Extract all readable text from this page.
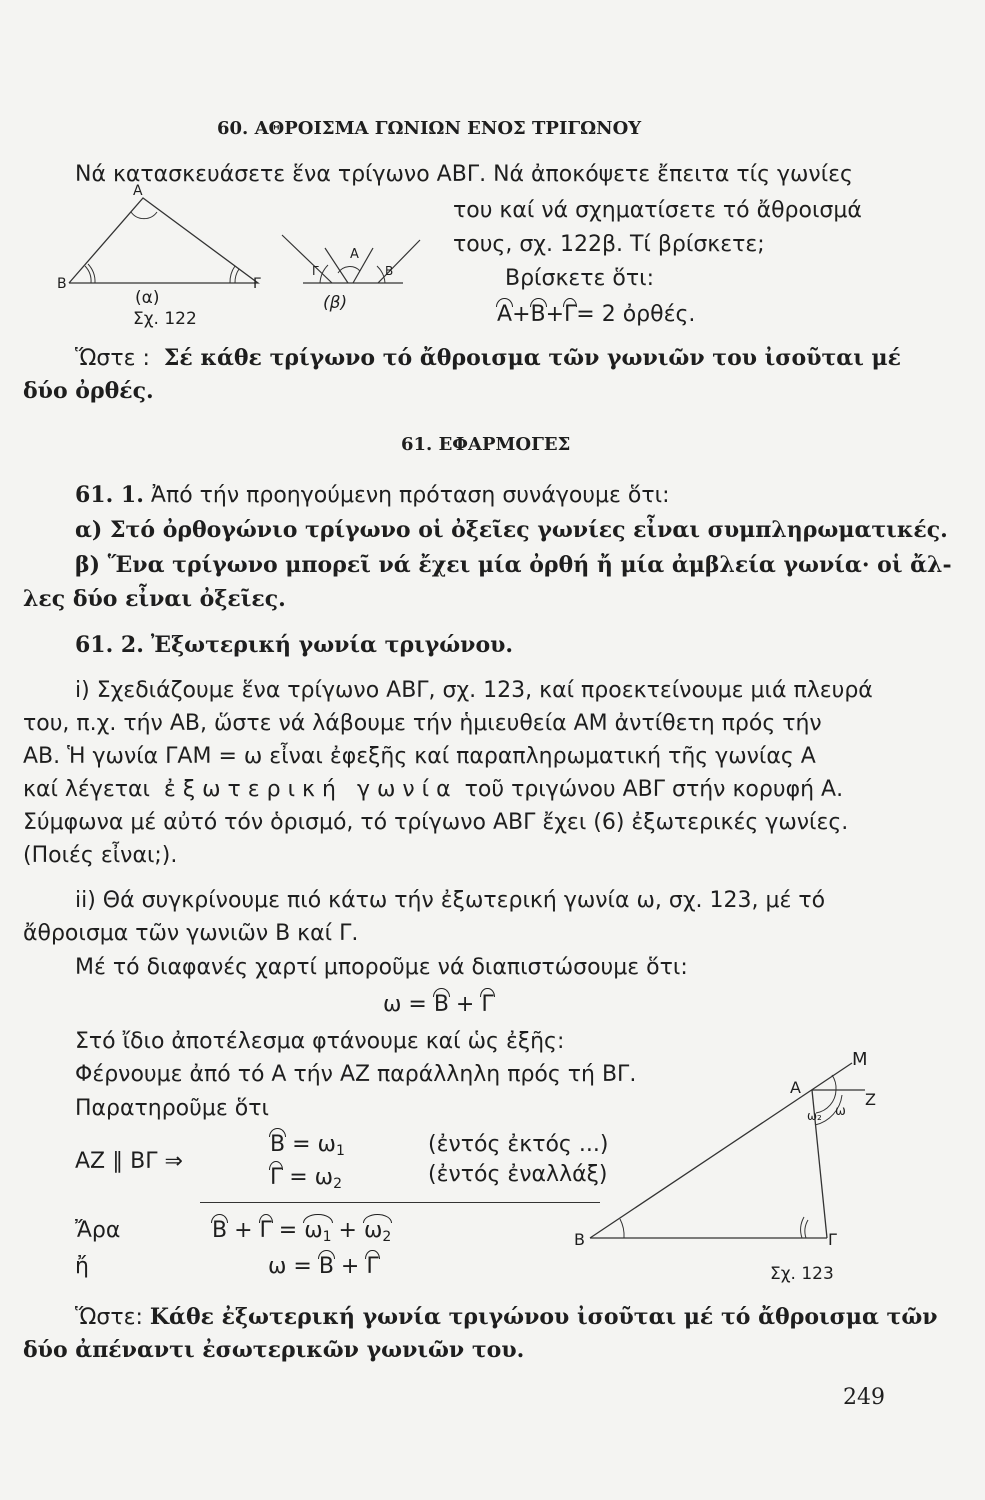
60. ΑΘΡΟΙΣΜΑ ΓΩΝΙΩΝ ΕΝΟΣ ΤΡΙΓΩΝΟΥ
Νά κατασκευάσετε ἕνα τρίγωνο ΑΒΓ. Νά ἀποκόψετε ἔπειτα τίς γωνίες
του καί νά σχηματίσετε τό ἄθροισμά
τους, σχ. 122β. Τί βρίσκετε;
Βρίσκετε ὅτι:
Α+Β+Γ= 2 ὀρθές.
A
B	Γ
A
Γ	B
(α)
Σχ. 122
(β)
Ὥστε : Σέ κάθε τρίγωνο τό ἄθροισμα τῶν γωνιῶν του ἰσοῦται μέ
δύο ὀρθές.
61. ΕΦΑΡΜΟΓΕΣ
61. 1. Ἀπό τήν προηγούμενη πρόταση συνάγουμε ὅτι:
α) Στό ὀρθογώνιο τρίγωνο οἱ ὀξεῖες γωνίες εἶναι συμπληρωματικές.
β) Ἕνα τρίγωνο μπορεῖ νά ἔχει μία ὀρθή ἤ μία ἀμβλεία γωνία· οἱ ἄλ-
λες δύο εἶναι ὀξεῖες.
61. 2. Ἐξωτερική γωνία τριγώνου.
i) Σχεδιάζουμε ἕνα τρίγωνο ΑΒΓ, σχ. 123, καί προεκτείνουμε μιά πλευρά
του, π.χ. τήν ΑΒ, ὥστε νά λάβουμε τήν ἡμιευθεία ΑΜ ἀντίθετη πρός τήν
ΑΒ. Ἡ γωνία ΓΑΜ = ω εἶναι ἐφεξῆς καί παραπληρωματική τῆς γωνίας Α
καί λέγεται ἐξωτερική γωνία τοῦ τριγώνου ΑΒΓ στήν κορυφή Α.
Σύμφωνα μέ αὐτό τόν ὁρισμό, τό τρίγωνο ΑΒΓ ἔχει (6) ἐξωτερικές γωνίες.
(Ποιές εἶναι;).
ii) Θά συγκρίνουμε πιό κάτω τήν ἐξωτερική γωνία ω, σχ. 123, μέ τό
ἄθροισμα τῶν γωνιῶν Β καί Γ.
Μέ τό διαφανές χαρτί μποροῦμε νά διαπιστώσουμε ὅτι:
ω = Β + Γ
Στό ἴδιο ἀποτέλεσμα φτάνουμε καί ὡς ἐξῆς:
Φέρνουμε ἀπό τό Α τήν ΑΖ παράλληλη πρός τή ΒΓ.
Παρατηροῦμε ὅτι
$B = \omega_1$	(ἐντός ἐκτός ...)
ΑΖ ∥ ΒΓ ⇒
$\Gamma = \omega_2$	(ἐντός ἐναλλάξ)
Ἄρα	$B + \Gamma = \omega_1 + \omega_2$
ἤ	ω = B + Γ
M
A
Z
B	Γ
ω
ω₂
Σχ. 123
Ὥστε: Κάθε ἐξωτερική γωνία τριγώνου ἰσοῦται μέ τό ἄθροισμα τῶν
δύο ἀπέναντι ἐσωτερικῶν γωνιῶν του.
249
